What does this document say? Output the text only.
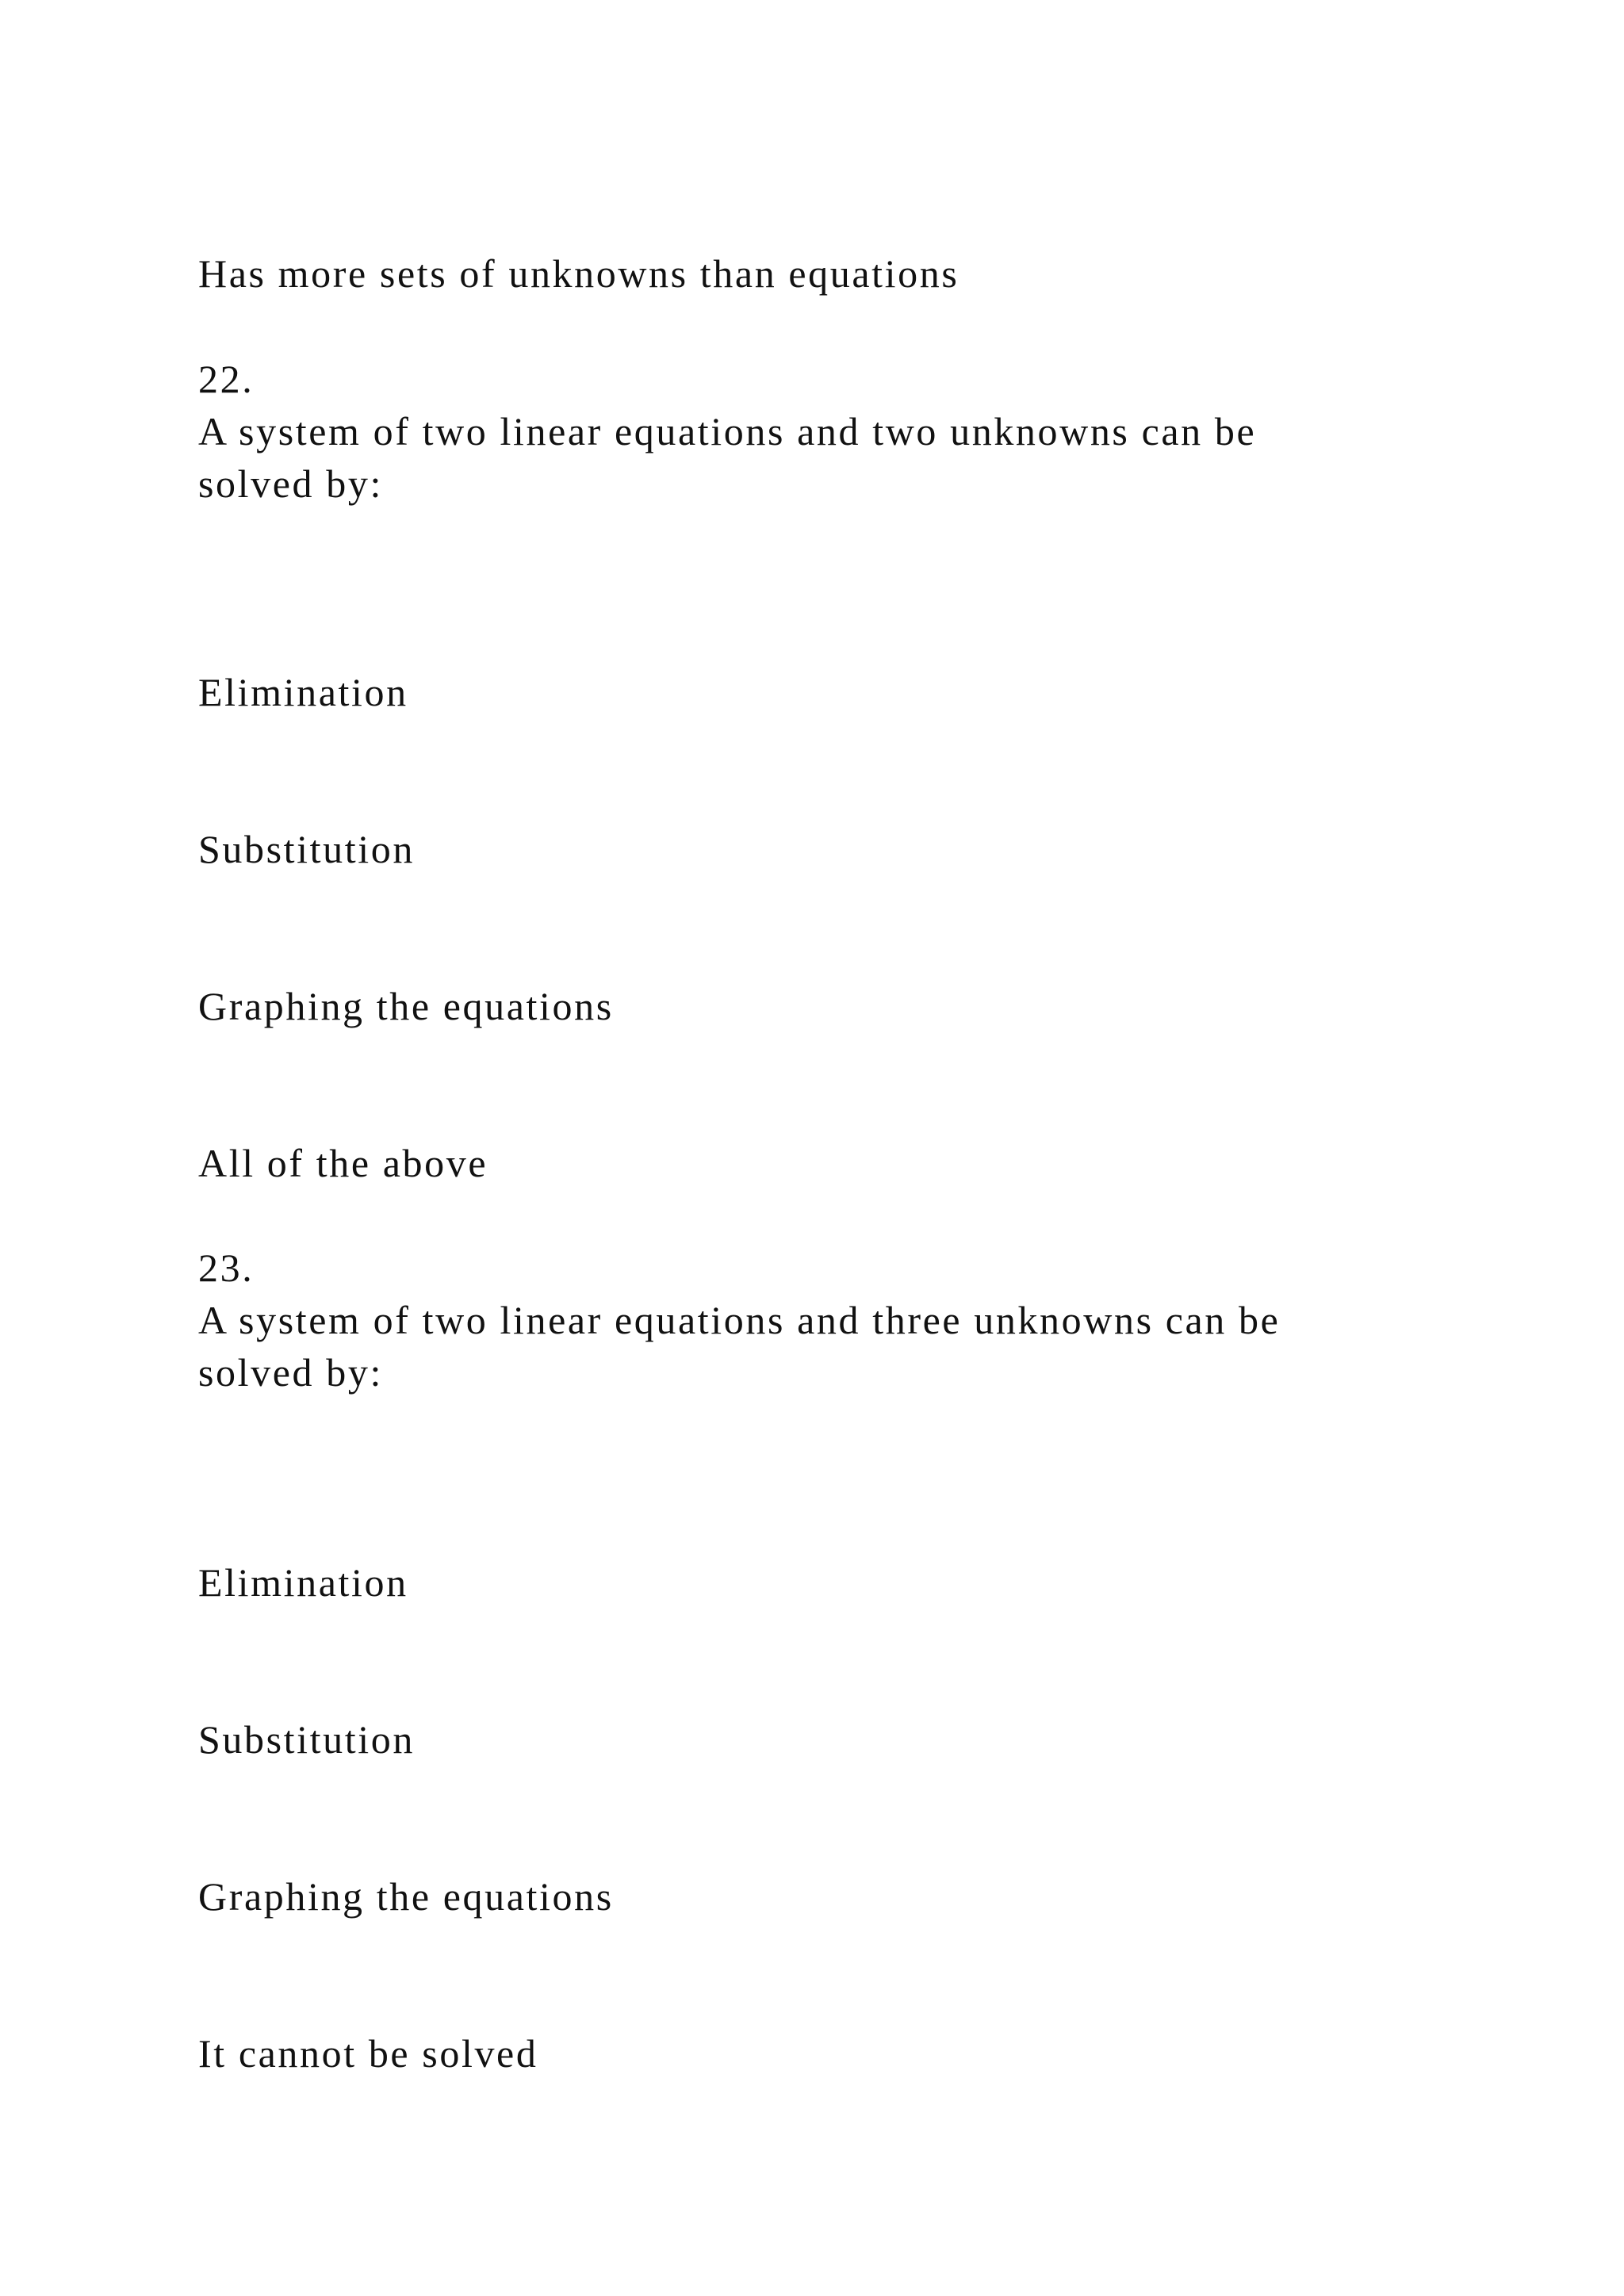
Has more sets of unknowns than equations

22.

A system of two linear equations and two unknowns can be

solved by:

Elimination

Substitution

Graphing the equations

All of the above

23.

A system of two linear equations and three unknowns can be

solved by:

Elimination

Substitution

Graphing the equations

It cannot be solved
